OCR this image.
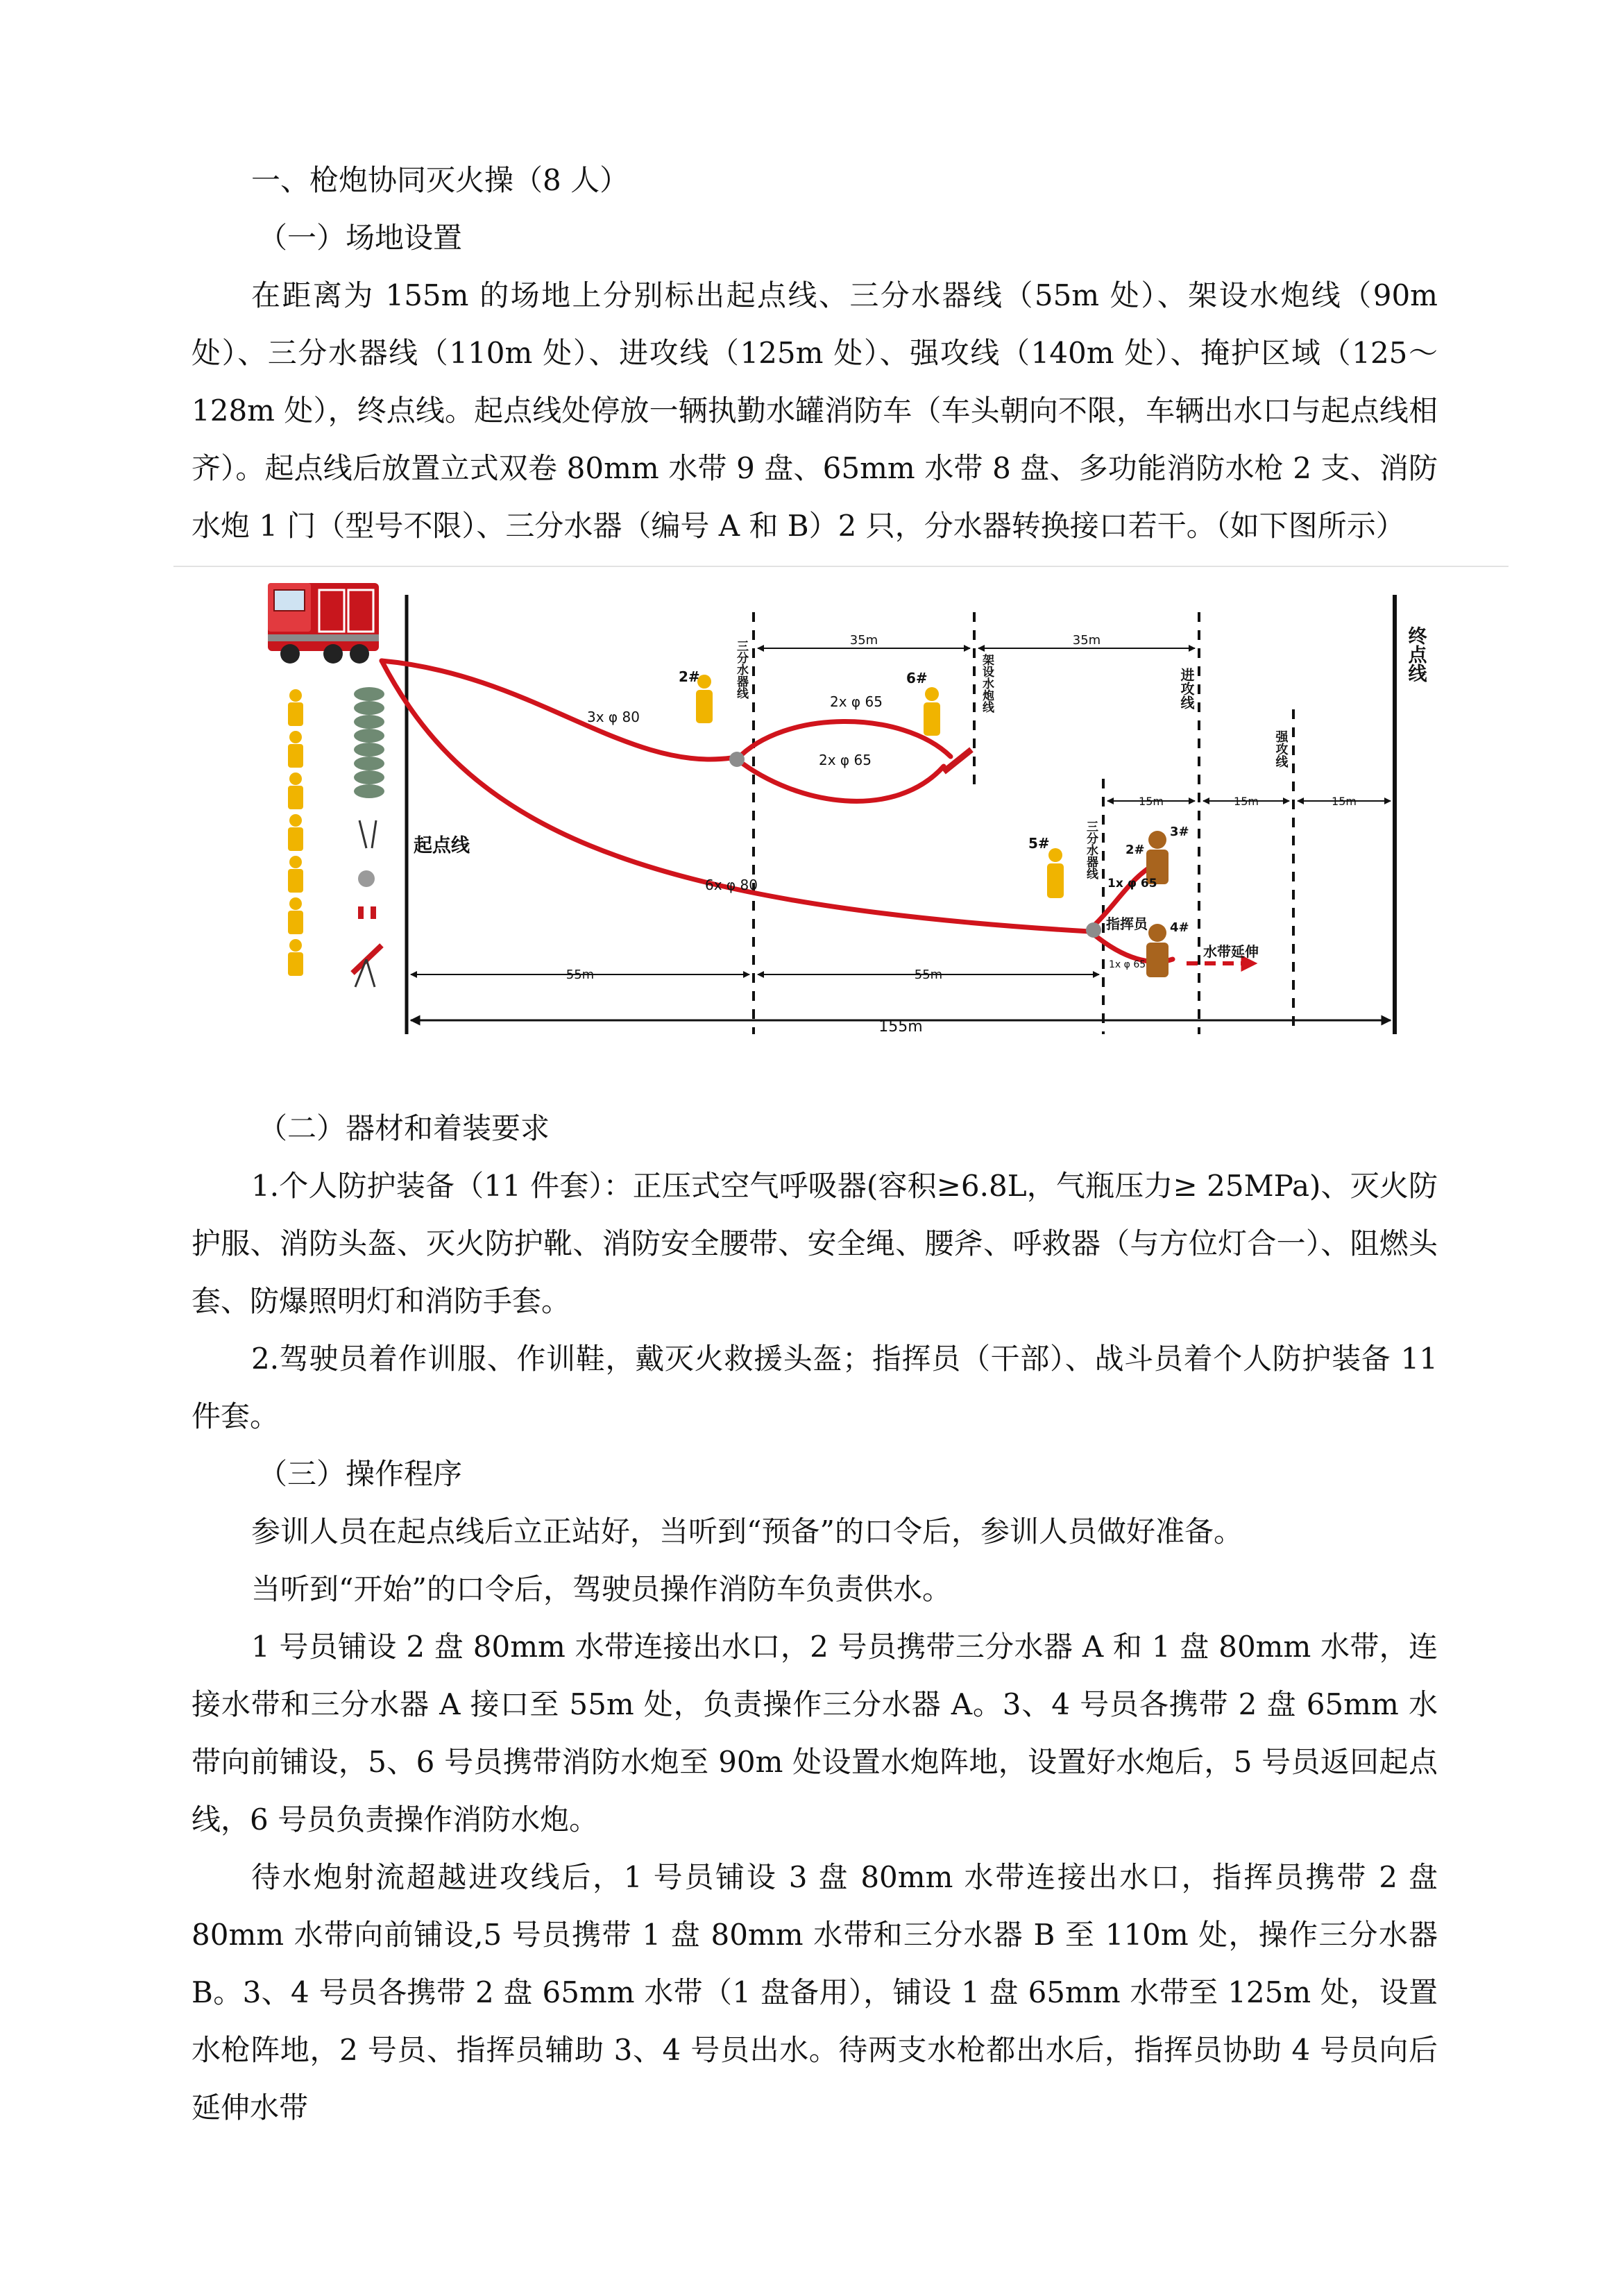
一、枪炮协同灭火操（8 人）

（一）场地设置

在距离为 155m 的场地上分别标出起点线、三分水器线（55m 处）、架设水炮线（90m 处）、三分水器线（110m 处）、进攻线（125m 处）、强攻线（140m 处）、掩护区域（125～128m 处），终点线。起点线处停放一辆执勤水罐消防车（车头朝向不限，车辆出水口与起点线相齐）。起点线后放置立式双卷 80mm 水带 9 盘、65mm 水带 8 盘、多功能消防水枪 2 支、消防水炮 1 门（型号不限）、三分水器（编号 A 和 B）2 只，分水器转换接口若干。（如下图所示）

起点线
终点线
三分水器线	架设水炮线
三分水器线
进攻线
强攻线
35m	35m
15m	15m	15m
55m	55m
155m
3x φ 80
2x φ 65
2x φ 65
6x φ 80	1x φ 65
1x φ 65
2#	6#
5#	2#
3#
4#
指挥员
水带延伸

（二）器材和着装要求

1.个人防护装备（11 件套）：正压式空气呼吸器(容积≥6.8L，气瓶压力≥ 25MPa)、灭火防护服、消防头盔、灭火防护靴、消防安全腰带、安全绳、腰斧、呼救器（与方位灯合一）、阻燃头套、防爆照明灯和消防手套。

2.驾驶员着作训服、作训鞋，戴灭火救援头盔；指挥员（干部）、战斗员着个人防护装备 11 件套。

（三）操作程序

参训人员在起点线后立正站好，当听到“预备”的口令后，参训人员做好准备。

当听到“开始”的口令后，驾驶员操作消防车负责供水。

1 号员铺设 2 盘 80mm 水带连接出水口，2 号员携带三分水器 A 和 1 盘 80mm 水带，连接水带和三分水器 A 接口至 55m 处，负责操作三分水器 A。3、4 号员各携带 2 盘 65mm 水带向前铺设，5、6 号员携带消防水炮至 90m 处设置水炮阵地，设置好水炮后，5 号员返回起点线，6 号员负责操作消防水炮。

待水炮射流超越进攻线后，1 号员铺设 3 盘 80mm 水带连接出水口，指挥员携带 2 盘 80mm 水带向前铺设,5 号员携带 1 盘 80mm 水带和三分水器 B 至 110m 处，操作三分水器 B。3、4 号员各携带 2 盘 65mm 水带（1 盘备用），铺设 1 盘 65mm 水带至 125m 处，设置水枪阵地，2 号员、指挥员辅助 3、4 号员出水。待两支水枪都出水后，指挥员协助 4 号员向后延伸水带
